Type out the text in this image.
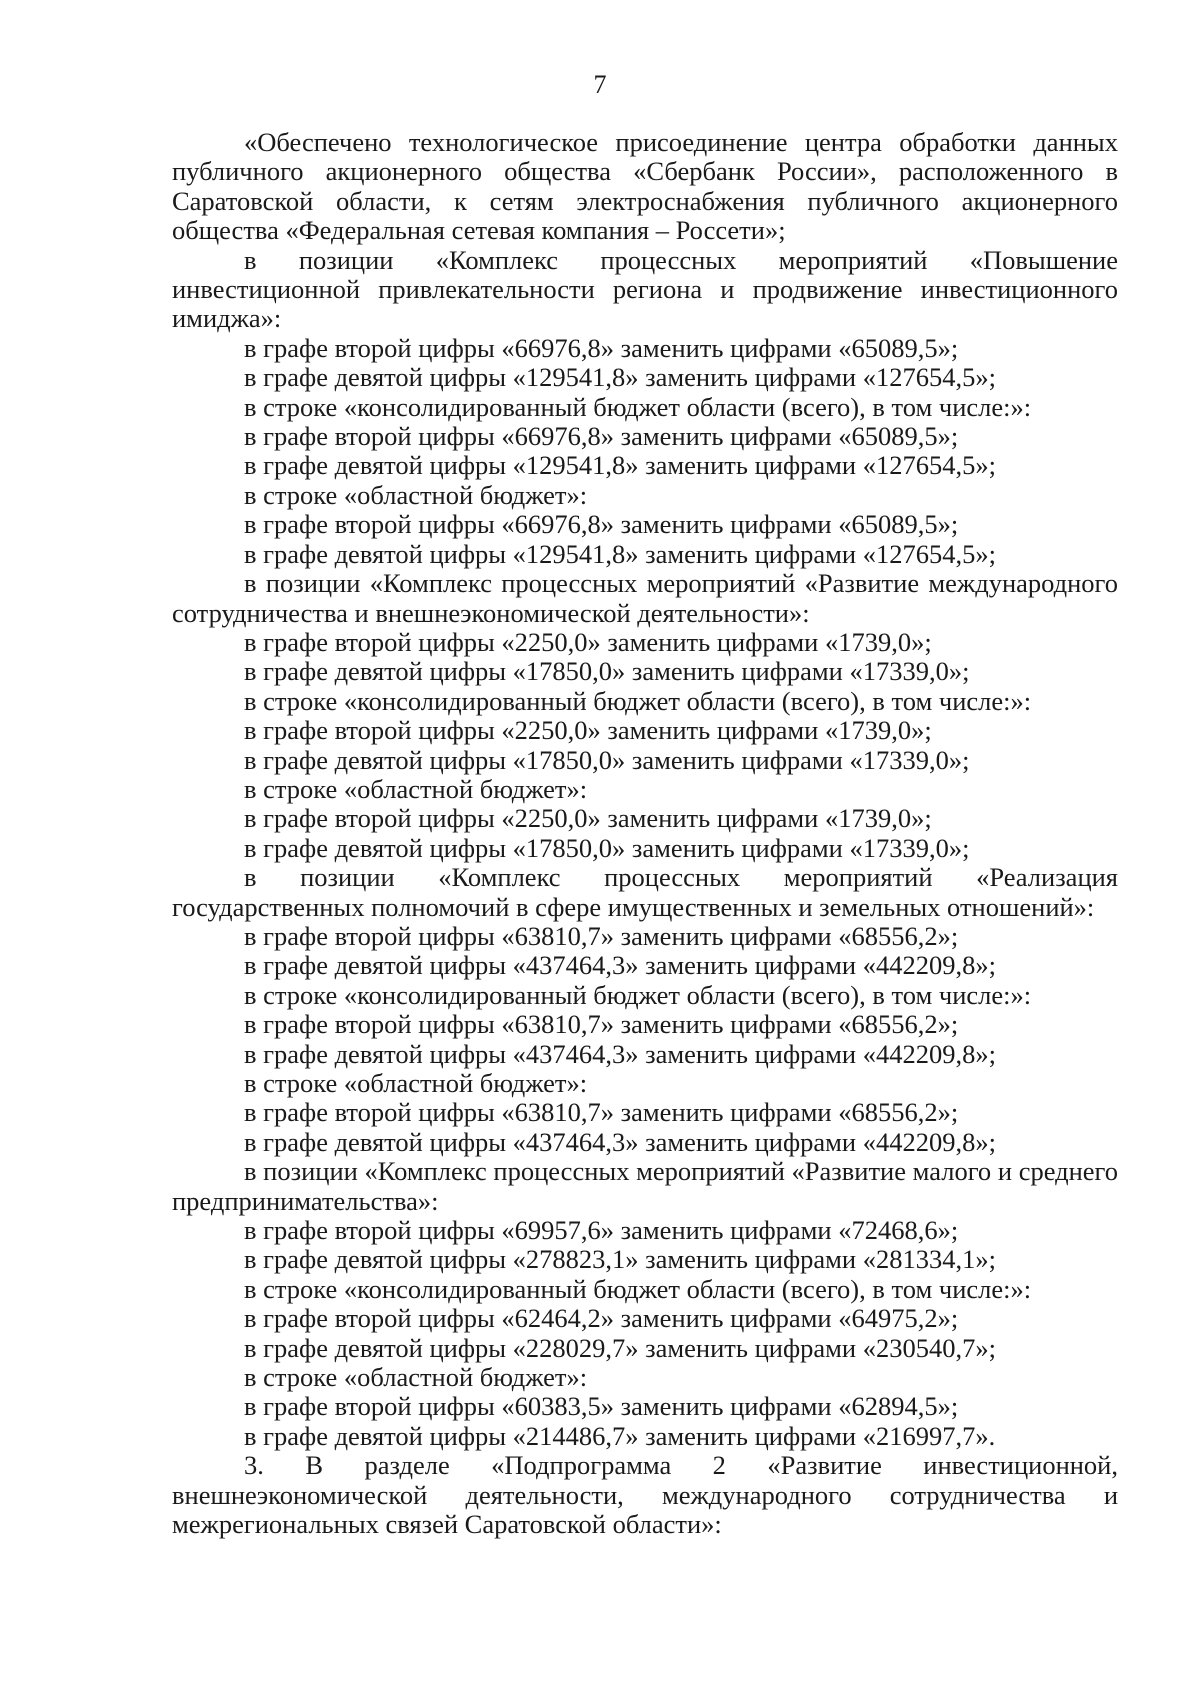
7

«Обеспечено технологическое присоединение центра обработки данных публичного акционерного общества «Сбербанк России», расположенного в Саратовской области, к сетям электроснабжения публичного акционерного общества «Федеральная сетевая компания – Россети»;

в позиции «Комплекс процессных мероприятий «Повышение инвестиционной привлекательности региона и продвижение инвестиционного имиджа»:

в графе второй цифры «66976,8» заменить цифрами «65089,5»;

в графе девятой цифры «129541,8» заменить цифрами «127654,5»;

в строке «консолидированный бюджет области (всего), в том числе:»:

в графе второй цифры «66976,8» заменить цифрами «65089,5»;

в графе девятой цифры «129541,8» заменить цифрами «127654,5»;

в строке «областной бюджет»:

в графе второй цифры «66976,8» заменить цифрами «65089,5»;

в графе девятой цифры «129541,8» заменить цифрами «127654,5»;

в позиции «Комплекс процессных мероприятий «Развитие международного сотрудничества и внешнеэкономической деятельности»:

в графе второй цифры «2250,0» заменить цифрами «1739,0»;

в графе девятой цифры «17850,0» заменить цифрами «17339,0»;

в строке «консолидированный бюджет области (всего), в том числе:»:

в графе второй цифры «2250,0» заменить цифрами «1739,0»;

в графе девятой цифры «17850,0» заменить цифрами «17339,0»;

в строке «областной бюджет»:

в графе второй цифры «2250,0» заменить цифрами «1739,0»;

в графе девятой цифры «17850,0» заменить цифрами «17339,0»;

в позиции «Комплекс процессных мероприятий «Реализация государственных полномочий в сфере имущественных и земельных отношений»:

в графе второй цифры «63810,7» заменить цифрами «68556,2»;

в графе девятой цифры «437464,3» заменить цифрами «442209,8»;

в строке «консолидированный бюджет области (всего), в том числе:»:

в графе второй цифры «63810,7» заменить цифрами «68556,2»;

в графе девятой цифры «437464,3» заменить цифрами «442209,8»;

в строке «областной бюджет»:

в графе второй цифры «63810,7» заменить цифрами «68556,2»;

в графе девятой цифры «437464,3» заменить цифрами «442209,8»;

в позиции «Комплекс процессных мероприятий «Развитие малого и среднего предпринимательства»:

в графе второй цифры «69957,6» заменить цифрами «72468,6»;

в графе девятой цифры «278823,1» заменить цифрами «281334,1»;

в строке «консолидированный бюджет области (всего), в том числе:»:

в графе второй цифры «62464,2» заменить цифрами «64975,2»;

в графе девятой цифры «228029,7» заменить цифрами «230540,7»;

в строке «областной бюджет»:

в графе второй цифры «60383,5» заменить цифрами «62894,5»;

в графе девятой цифры «214486,7» заменить цифрами «216997,7».

3. В разделе «Подпрограмма 2 «Развитие инвестиционной, внешнеэкономической деятельности, международного сотрудничества и межрегиональных связей Саратовской области»:
